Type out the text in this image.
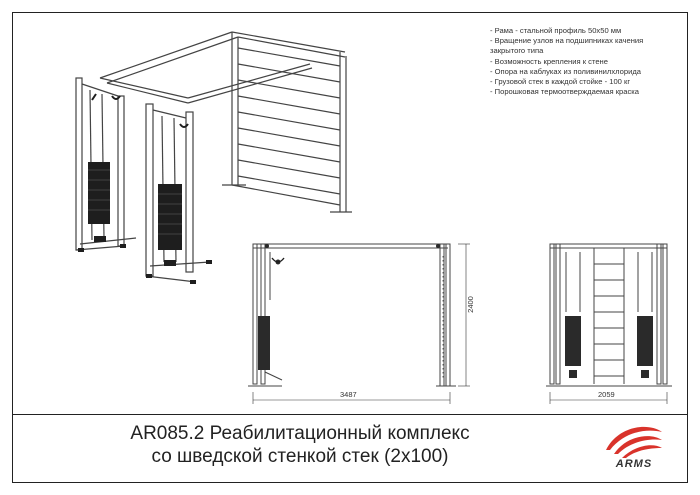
2400
3487	2059
- Рама - стальной профиль 50х50 мм
- Вращение узлов на подшипниках качения
закрытого типа
- Возможность крепления к стене
- Опора на каблуках из поливинилхлорида
- Грузовой стек в каждой стойке - 100 кг
- Порошковая термоотверждаемая краска
AR085.2 Реабилитационный комплекс
со шведской стенкой стек (2х100)	ARMS
